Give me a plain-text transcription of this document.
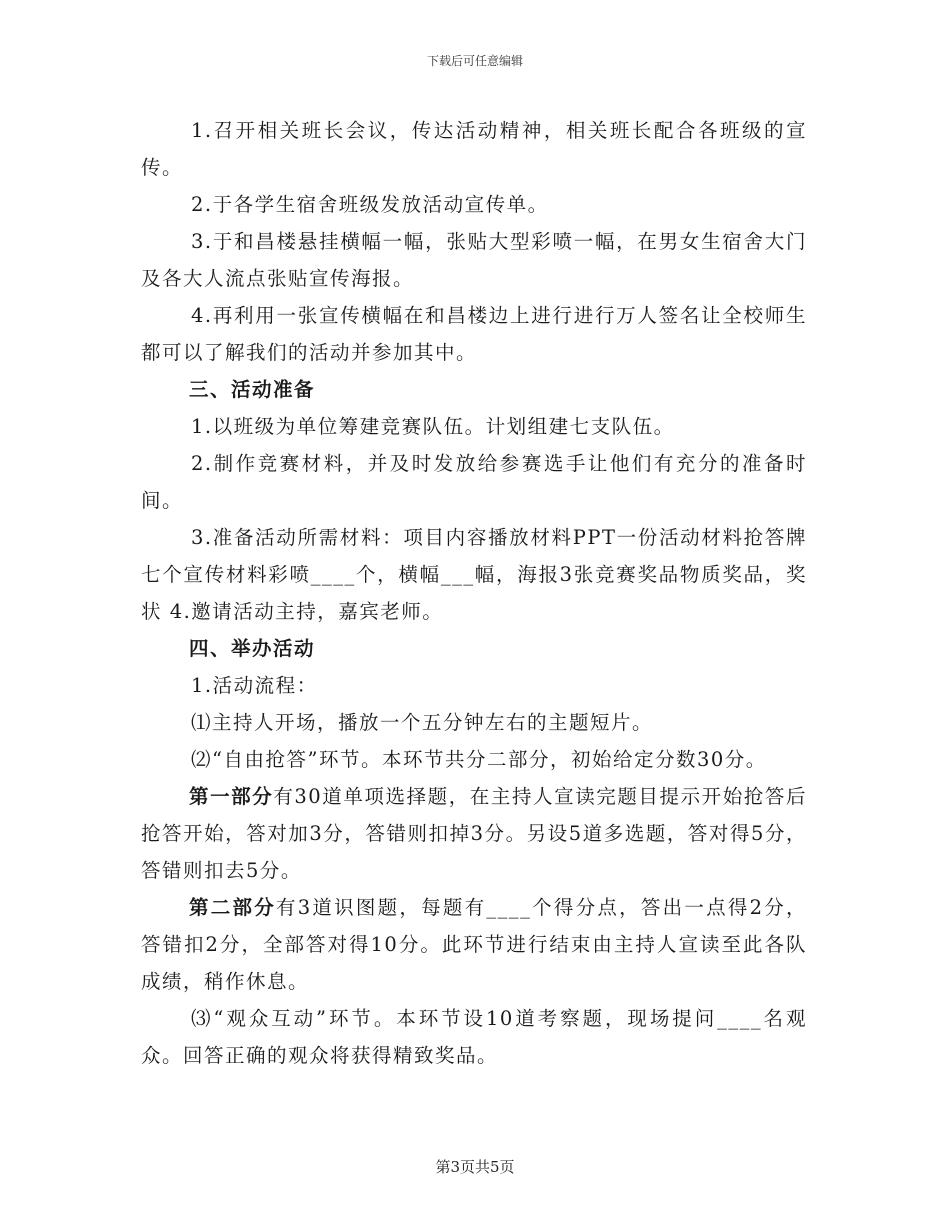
下载后可任意编辑

1.召开相关班长会议，传达活动精神，相关班长配合各班级的宣传。

2.于各学生宿舍班级发放活动宣传单。

3.于和昌楼悬挂横幅一幅，张贴大型彩喷一幅，在男女生宿舍大门及各大人流点张贴宣传海报。

4.再利用一张宣传横幅在和昌楼边上进行进行万人签名让全校师生都可以了解我们的活动并参加其中。

三、活动准备

1.以班级为单位筹建竞赛队伍。计划组建七支队伍。

2.制作竞赛材料，并及时发放给参赛选手让他们有充分的准备时间。

3.准备活动所需材料：项目内容播放材料PPT一份活动材料抢答牌七个宣传材料彩喷____个，横幅___幅，海报3张竞赛奖品物质奖品，奖状 4.邀请活动主持，嘉宾老师。

四、举办活动

1.活动流程：

⑴主持人开场，播放一个五分钟左右的主题短片。

⑵“自由抢答”环节。本环节共分二部分，初始给定分数30分。

第一部分有30道单项选择题，在主持人宣读完题目提示开始抢答后抢答开始，答对加3分，答错则扣掉3分。另设5道多选题，答对得5分，答错则扣去5分。

第二部分有3道识图题，每题有____个得分点，答出一点得2分，答错扣2分，全部答对得10分。此环节进行结束由主持人宣读至此各队成绩，稍作休息。

⑶“观众互动”环节。本环节设10道考察题，现场提问____名观众。回答正确的观众将获得精致奖品。

第3页共5页
